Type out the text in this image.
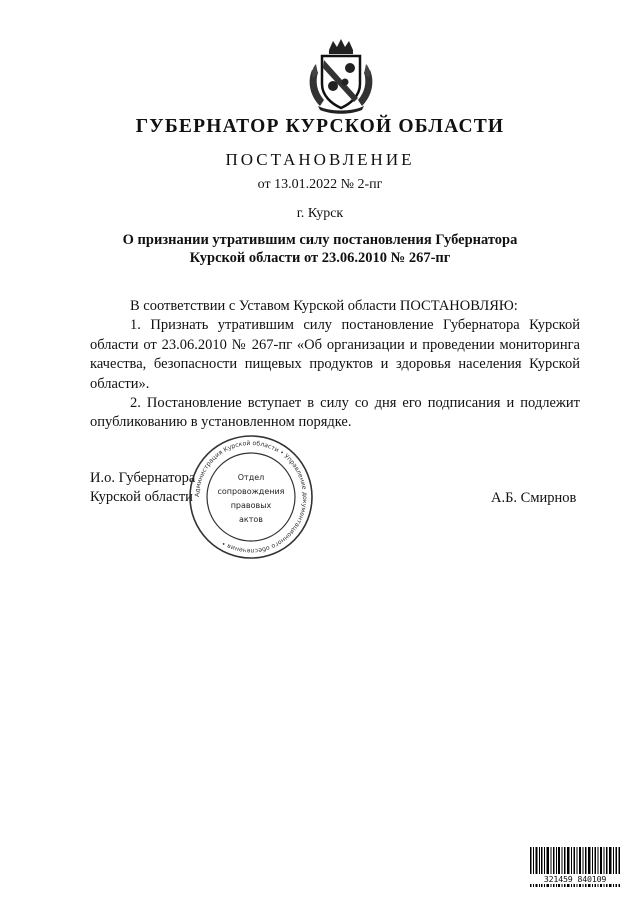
ГУБЕРНАТОР КУРСКОЙ ОБЛАСТИ
ПОСТАНОВЛЕНИЕ
от 13.01.2022 № 2-пг
г. Курск
О признании утратившим силу постановления Губернатора
Курской области от 23.06.2010 № 267-пг

В соответствии с Уставом Курской области ПОСТАНОВЛЯЮ:

1. Признать утратившим силу постановление Губернатора Курской области от 23.06.2010 № 267-пг «Об организации и проведении мониторинга качества, безопасности пищевых продуктов и здоровья населения Курской области».

2. Постановление вступает в силу со дня его подписания и подлежит опубликованию в установленном порядке.

И.о. Губернатора
Курской области	А.Б. Смирнов
Администрация Курской области • Управление документационного обеспечения •
Отдел
сопровождения
правовых
актов
321459 840109
